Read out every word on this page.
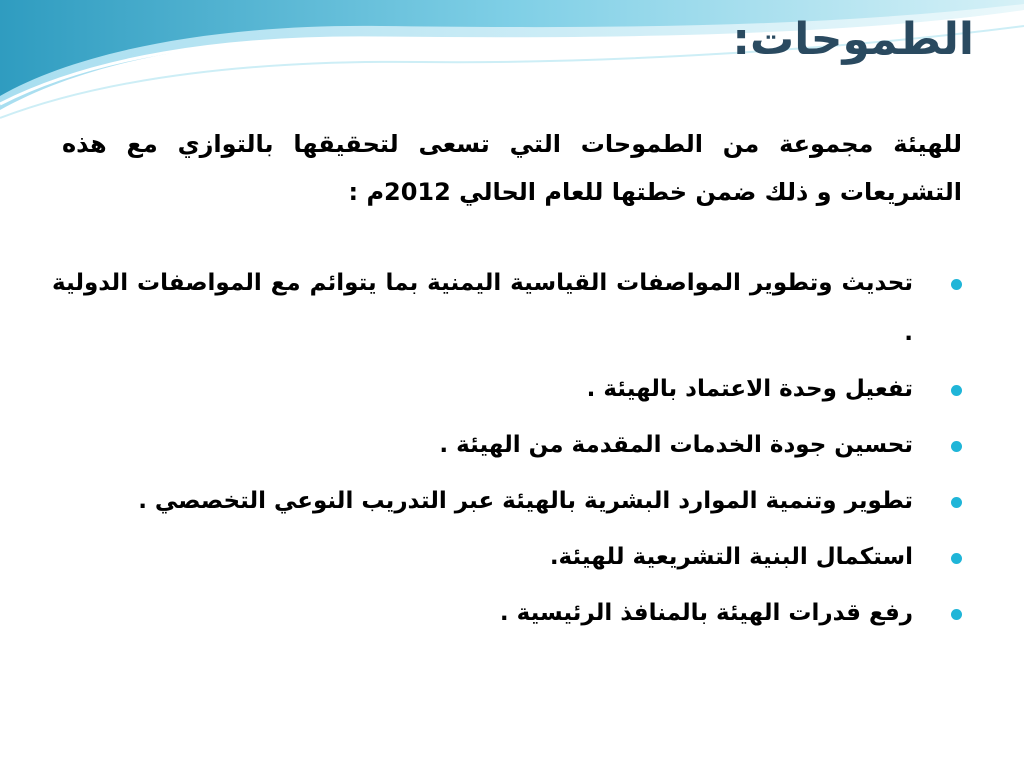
الطموحات:

للهيئة مجموعة من الطموحات التي تسعى لتحقيقها بالتوازي مع هذه التشريعات و ذلك ضمن خطتها للعام الحالي 2012م :

تحديث وتطوير المواصفات القياسية اليمنية بما يتوائم مع المواصفات الدولية .
تفعيل وحدة الاعتماد بالهيئة .
تحسين جودة الخدمات المقدمة من الهيئة .
تطوير وتنمية الموارد البشرية بالهيئة عبر التدريب النوعي التخصصي .
استكمال البنية التشريعية للهيئة.
رفع قدرات الهيئة بالمنافذ الرئيسية .
